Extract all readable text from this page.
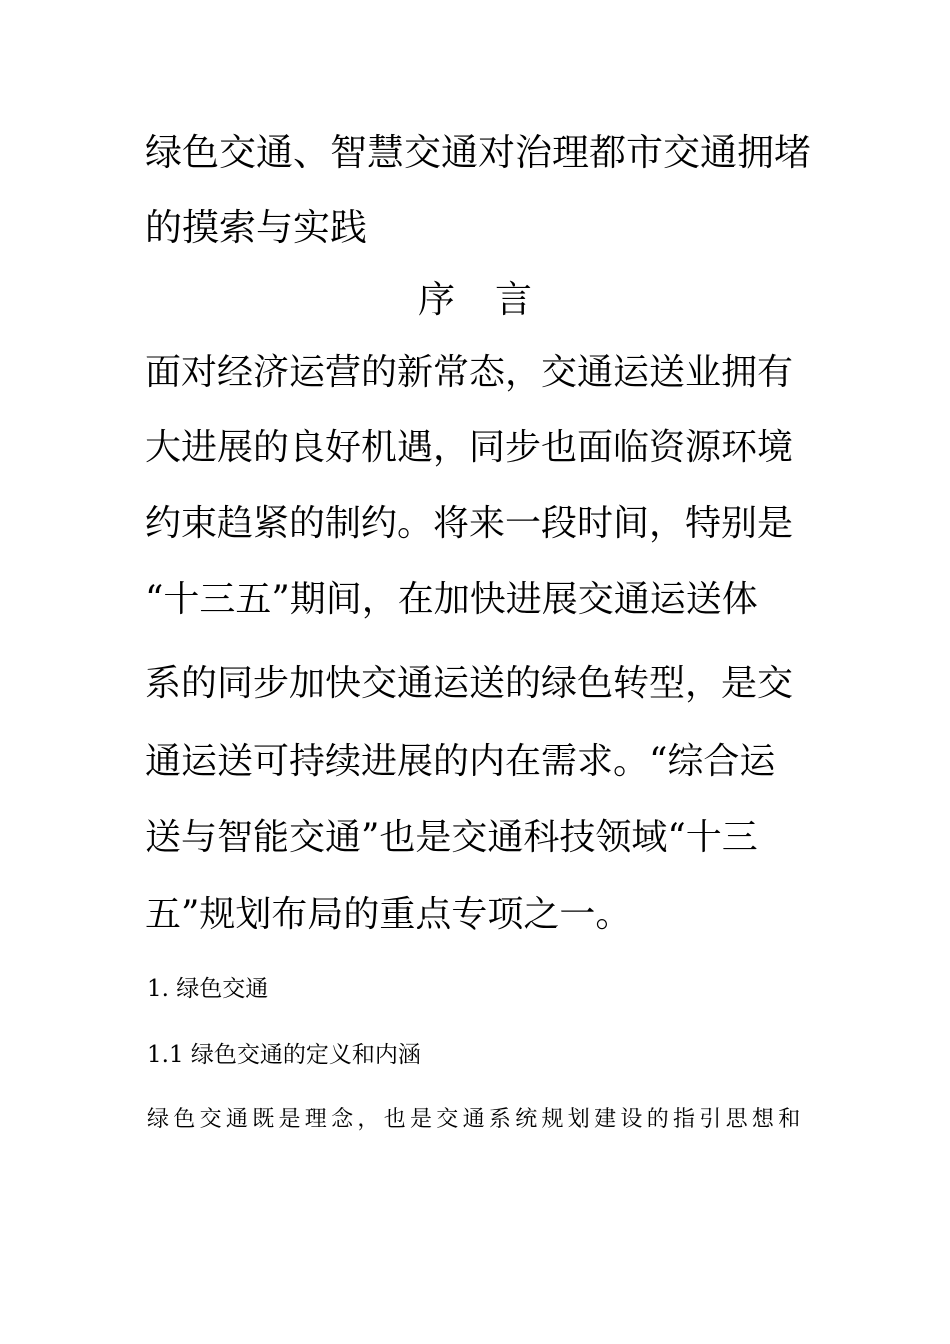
绿色交通、智慧交通对治理都市交通拥堵
的摸索与实践
序 言
面对经济运营的新常态，交通运送业拥有
大进展的良好机遇，同步也面临资源环境
约束趋紧的制约。将来一段时间，特别是
“十三五”期间，在加快进展交通运送体
系的同步加快交通运送的绿色转型，是交
通运送可持续进展的内在需求。“综合运
送与智能交通”也是交通科技领域“十三
五”规划布局的重点专项之一。
1. 绿色交通
1.1 绿色交通的定义和内涵
绿色交通既是理念，也是交通系统规划建设的指引思想和
